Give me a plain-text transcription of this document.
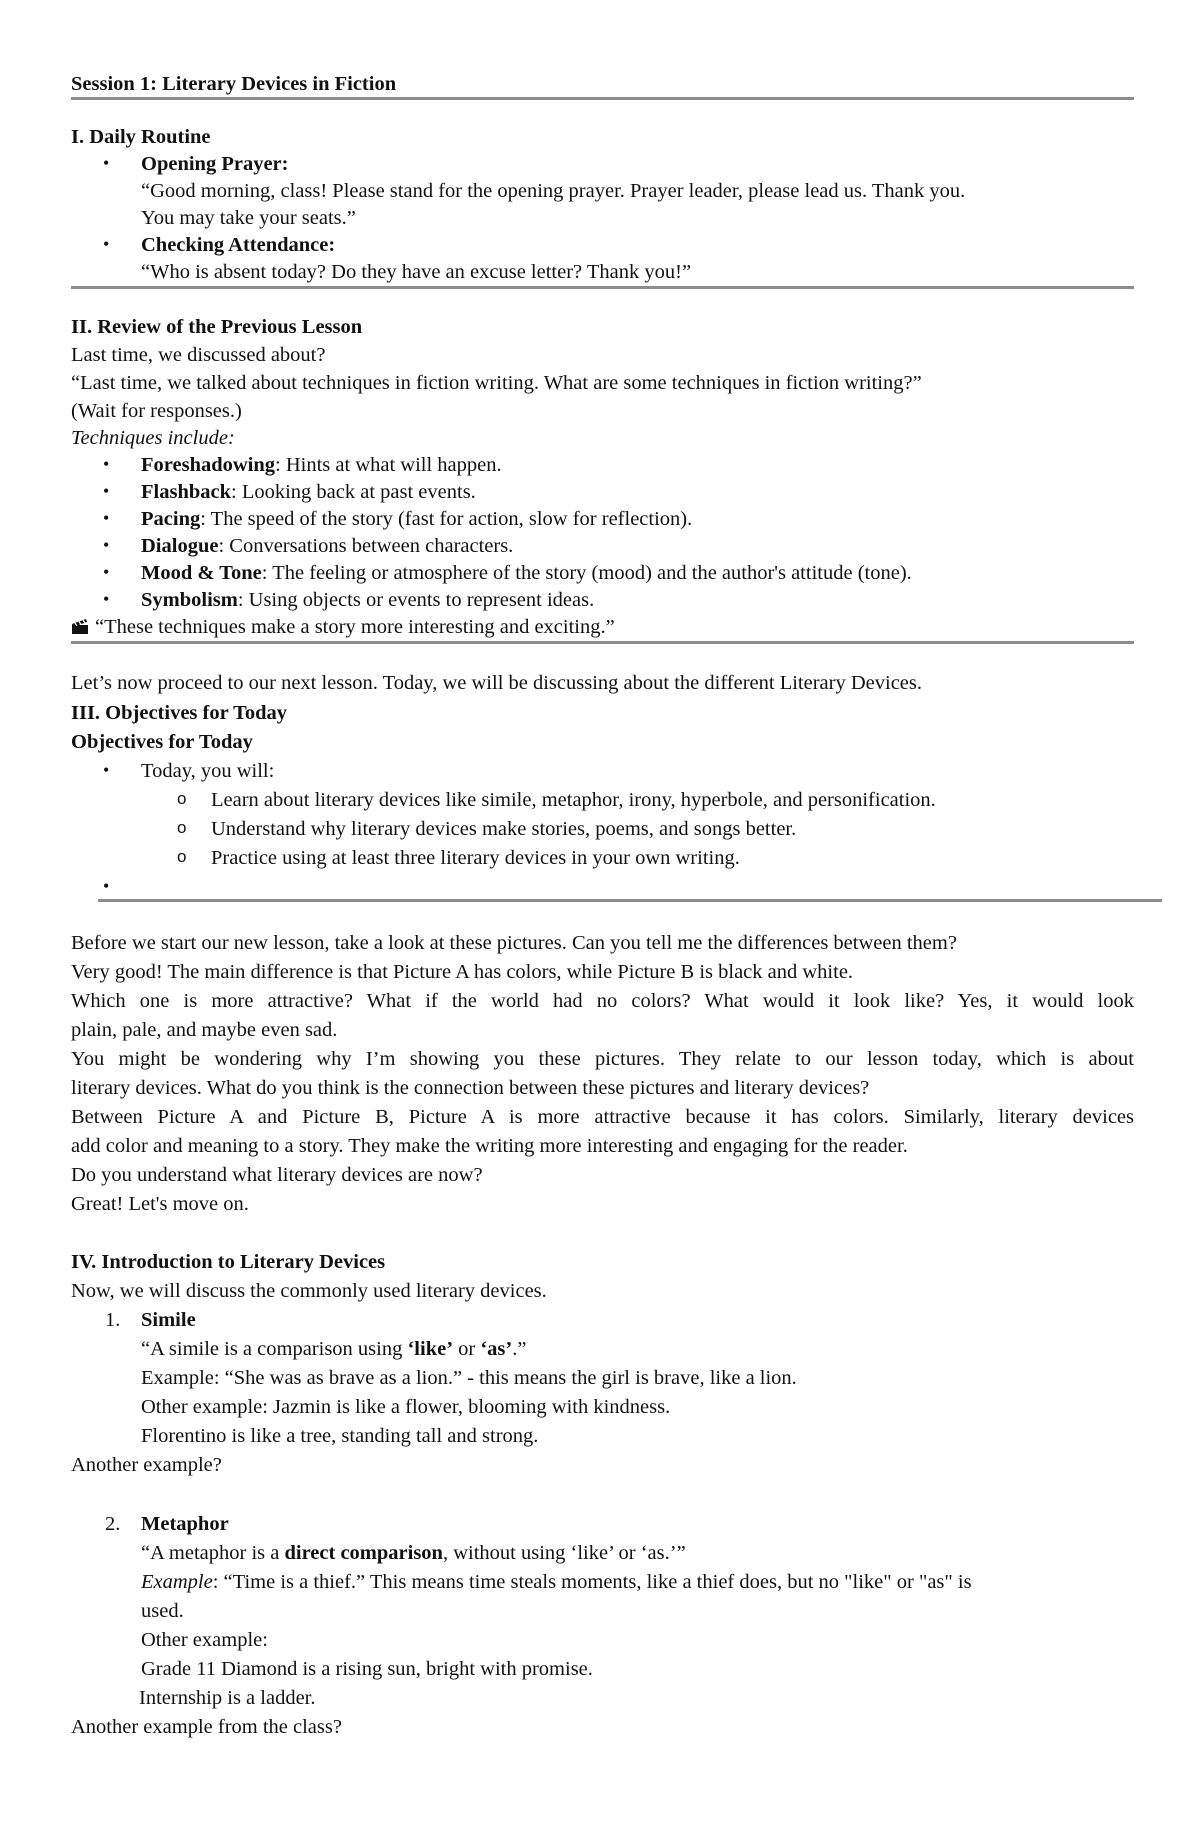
Session 1: Literary Devices in Fiction
I. Daily Routine
• Opening Prayer:
“Good morning, class! Please stand for the opening prayer. Prayer leader, please lead us. Thank you.
You may take your seats.”
• Checking Attendance:
“Who is absent today? Do they have an excuse letter? Thank you!”
II. Review of the Previous Lesson
Last time, we discussed about?
“Last time, we talked about techniques in fiction writing. What are some techniques in fiction writing?”
(Wait for responses.)
Techniques include:
• Foreshadowing: Hints at what will happen.
• Flashback: Looking back at past events.
• Pacing: The speed of the story (fast for action, slow for reflection).
• Dialogue: Conversations between characters.
• Mood & Tone: The feeling or atmosphere of the story (mood) and the author's attitude (tone).
• Symbolism: Using objects or events to represent ideas.
“These techniques make a story more interesting and exciting.”
Let’s now proceed to our next lesson. Today, we will be discussing about the different Literary Devices.
III. Objectives for Today
Objectives for Today
• Today, you will:
o Learn about literary devices like simile, metaphor, irony, hyperbole, and personification.
o Understand why literary devices make stories, poems, and songs better.
o Practice using at least three literary devices in your own writing.
•
Before we start our new lesson, take a look at these pictures. Can you tell me the differences between them?
Very good! The main difference is that Picture A has colors, while Picture B is black and white.
Which one is more attractive? What if the world had no colors? What would it look like? Yes, it would look
plain, pale, and maybe even sad.
You might be wondering why I’m showing you these pictures. They relate to our lesson today, which is about
literary devices. What do you think is the connection between these pictures and literary devices?
Between Picture A and Picture B, Picture A is more attractive because it has colors. Similarly, literary devices
add color and meaning to a story. They make the writing more interesting and engaging for the reader.
Do you understand what literary devices are now?
Great! Let's move on.
IV. Introduction to Literary Devices
Now, we will discuss the commonly used literary devices.
1. Simile
“A simile is a comparison using ‘like’ or ‘as’.”
Example: “She was as brave as a lion.” - this means the girl is brave, like a lion.
Other example: Jazmin is like a flower, blooming with kindness.
Florentino is like a tree, standing tall and strong.
Another example?
2. Metaphor
“A metaphor is a direct comparison, without using ‘like’ or ‘as.’”
Example: “Time is a thief.” This means time steals moments, like a thief does, but no "like" or "as" is
used.
Other example:
Grade 11 Diamond is a rising sun, bright with promise.
Internship is a ladder.
Another example from the class?
